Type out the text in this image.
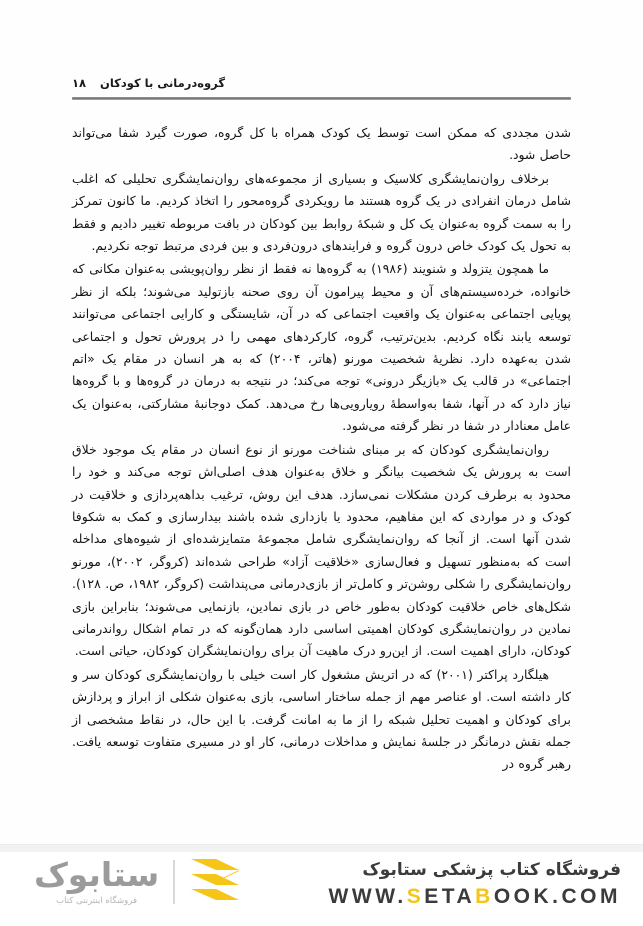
۱۸ گروه‌درمانی با کودکان

شدن مجددی که ممکن است توسط یک کودک همراه با کل گروه، صورت گیرد شفا می‌تواند حاصل شود.

برخلاف روان‌نمایشگری کلاسیک و بسیاری از مجموعه‌های روان‌نمایشگری تحلیلی که اغلب شامل درمان انفرادی در یک گروه هستند ما رویکردی گروه‌محور را اتخاذ کردیم. ما کانون تمرکز را به سمت گروه به‌عنوان یک کل و شبکهٔ روابط بین کودکان در بافت مربوطه تغییر دادیم و فقط به تحول یک کودک خاص درون گروه و فرایندهای درون‌فردی و بین فردی مرتبط توجه نکردیم.

ما همچون یتزولد و شنویند (۱۹۸۶) به گروه‌ها نه فقط از نظر روان‌پویشی به‌عنوان مکانی که خانواده، خرده‌سیستم‌های آن و محیط پیرامون آن روی صحنه بازتولید می‌شوند؛ بلکه از نظر پویایی اجتماعی به‌عنوان یک واقعیت اجتماعی که در آن، شایستگی و کارایی اجتماعی می‌توانند توسعه یابند نگاه کردیم. بدین‌ترتیب، گروه، کارکردهای مهمی را در پرورش تحول و اجتماعی شدن به‌عهده دارد. نظریهٔ شخصیت مورنو (هاتر، ۲۰۰۴) که به هر انسان در مقام یک «اتم اجتماعی» در قالب یک «بازیگر درونی» توجه می‌کند؛ در نتیجه به درمان در گروه‌ها و با گروه‌ها نیاز دارد که در آنها، شفا به‌واسطهٔ رویارویی‌ها رخ می‌دهد. کمک دوجانبهٔ مشارکتی، به‌عنوان یک عامل معنادار در شفا در نظر گرفته می‌شود.

روان‌نمایشگری کودکان که بر مبنای شناخت مورنو از نوع انسان در مقام یک موجود خلاق است به پرورش یک شخصیت بیانگر و خلاق به‌عنوان هدف اصلی‌اش توجه می‌کند و خود را محدود به برطرف کردن مشکلات نمی‌سازد. هدف این روش، ترغیب بداهه‌پردازی و خلاقیت در کودک و در مواردی که این مفاهیم، محدود یا بازداری شده باشند بیدارسازی و کمک به شکوفا شدن آنها است. از آنجا که روان‌نمایشگری شامل مجموعهٔ متمایزشده‌ای از شیوه‌های مداخله است که به‌منظور تسهیل و فعال‌سازی «خلاقیت آزاد» طراحی شده‌اند (کروگر، ۲۰۰۲)، مورنو روان‌نمایشگری را شکلی روشن‌تر و کامل‌تر از بازی‌درمانی می‌پنداشت (کروگر، ۱۹۸۲، ص. ۱۲۸). شکل‌های خاص خلاقیت کودکان به‌طور خاص در بازی نمادین، بازنمایی می‌شوند؛ بنابراین بازی نمادین در روان‌نمایشگری کودکان اهمیتی اساسی دارد همان‌گونه که در تمام اشکال رواندرمانی کودکان، دارای اهمیت است. از این‌رو درک ماهیت آن برای روان‌نمایشگران کودکان، حیاتی است.

هیلگارد پراکتر (۲۰۰۱) که در اتریش مشغول کار است خیلی با روان‌نمایشگری کودکان سر و کار داشته است. او عناصر مهم از جمله ساختار اساسی، بازی به‌عنوان شکلی از ابراز و پردازش برای کودکان و اهمیت تحلیل شبکه را از ما به امانت گرفت. با این حال، در نقاط مشخصی از جمله نقش درمانگر در جلسهٔ نمایش و مداخلات درمانی، کار او در مسیری متفاوت توسعه یافت. رهبر گروه در

ستابوک
فروشگاه اینترنتی کتاب
فروشگاه کتاب پزشکی ستابوک
WWW.SETABOOK.COM
